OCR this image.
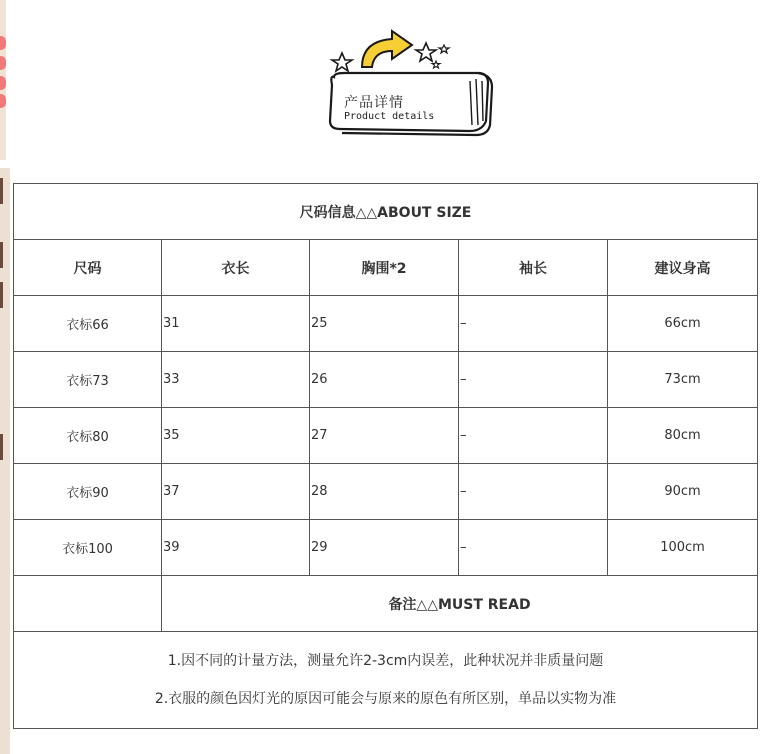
产品详情
Product details
尺码信息△△ABOUT SIZE				
尺码	衣长	胸围*2	袖长	建议身高
衣标66	31	25	–	66cm
衣标73	33	26	–	73cm
衣标80	35	27	–	80cm
衣标90	37	28	–	90cm
衣标100	39	29	–	100cm
	备注△△MUST READ			

1.因不同的计量方法，测量允许2-3cm内误差，此种状况并非质量问题
2.衣服的颜色因灯光的原因可能会与原来的原色有所区别，单品以实物为准				
